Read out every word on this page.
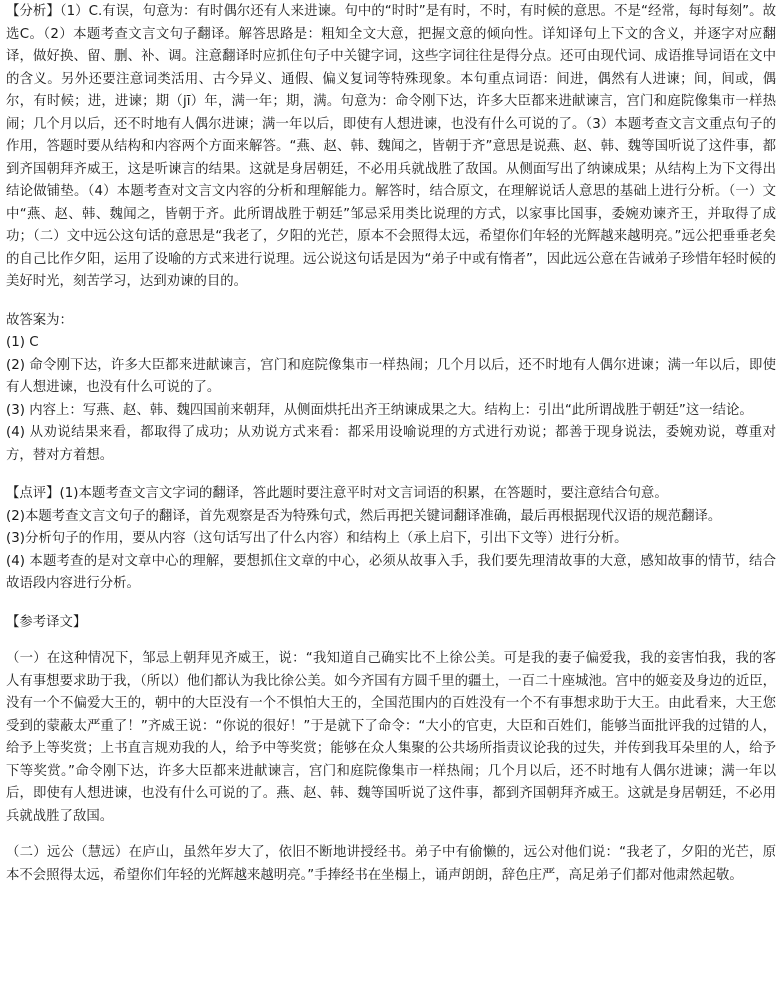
【分析】（1）C.有误，句意为：有时偶尔还有人来进谏。句中的“时时”是有时，不时，有时候的意思。不是“经常，每时每刻”。故选C。（2）本题考查文言文句子翻译。解答思路是：粗知全文大意，把握文意的倾向性。详知译句上下文的含义，并逐字对应翻译，做好换、留、删、补、调。注意翻译时应抓住句子中关键字词，这些字词往往是得分点。还可由现代词、成语推导词语在文中的含义。另外还要注意词类活用、古今异义、通假、偏义复词等特殊现象。本句重点词语：间进，偶然有人进谏；间，间或，偶尔，有时候；进，进谏；期（jī）年，满一年；期，满。句意为：命令刚下达，许多大臣都来进献谏言，宫门和庭院像集市一样热闹；几个月以后，还不时地有人偶尔进谏；满一年以后，即使有人想进谏，也没有什么可说的了。（3）本题考查文言文重点句子的作用，答题时要从结构和内容两个方面来解答。“燕、赵、韩、魏闻之，皆朝于齐”意思是说燕、赵、韩、魏等国听说了这件事，都到齐国朝拜齐威王，这是听谏言的结果。这就是身居朝廷，不必用兵就战胜了敌国。从侧面写出了纳谏成果；从结构上为下文得出结论做铺垫。（4）本题考查对文言文内容的分析和理解能力。解答时，结合原文，在理解说话人意思的基础上进行分析。（一）文中“燕、赵、韩、魏闻之，皆朝于齐。此所谓战胜于朝廷”邹忌采用类比说理的方式，以家事比国事，委婉劝谏齐王，并取得了成功；（二）文中远公这句话的意思是“我老了，夕阳的光芒，原本不会照得太远，希望你们年轻的光辉越来越明亮。”远公把垂垂老矣的自己比作夕阳，运用了设喻的方式来进行说理。远公说这句话是因为“弟子中或有惰者”，因此远公意在告诫弟子珍惜年轻时候的美好时光，刻苦学习，达到劝谏的目的。

故答案为：

(1) C

(2) 命令刚下达，许多大臣都来进献谏言，宫门和庭院像集市一样热闹；几个月以后，还不时地有人偶尔进谏；满一年以后，即使有人想进谏，也没有什么可说的了。

(3) 内容上：写燕、赵、韩、魏四国前来朝拜，从侧面烘托出齐王纳谏成果之大。结构上：引出“此所谓战胜于朝廷”这一结论。

(4) 从劝说结果来看，都取得了成功；从劝说方式来看：都采用设喻说理的方式进行劝说；都善于现身说法，委婉劝说，尊重对方，替对方着想。

【点评】(1)本题考查文言文字词的翻译，答此题时要注意平时对文言词语的积累，在答题时，要注意结合句意。

(2)本题考查文言文句子的翻译，首先观察是否为特殊句式，然后再把关键词翻译准确，最后再根据现代汉语的规范翻译。

(3)分析句子的作用，要从内容（这句话写出了什么内容）和结构上（承上启下，引出下文等）进行分析。

(4) 本题考查的是对文章中心的理解，要想抓住文章的中心，必须从故事入手，我们要先理清故事的大意，感知故事的情节，结合故语段内容进行分析。

【参考译文】

（一）在这种情况下，邹忌上朝拜见齐威王，说：“我知道自己确实比不上徐公美。可是我的妻子偏爱我，我的妾害怕我，我的客人有事想要求助于我，（所以）他们都认为我比徐公美。如今齐国有方圆千里的疆土，一百二十座城池。宫中的姬妾及身边的近臣，没有一个不偏爱大王的，朝中的大臣没有一个不惧怕大王的，全国范围内的百姓没有一个不有事想求助于大王。由此看来，大王您受到的蒙蔽太严重了！”齐威王说：“你说的很好！”于是就下了命令：“大小的官吏，大臣和百姓们，能够当面批评我的过错的人，给予上等奖赏；上书直言规劝我的人，给予中等奖赏；能够在众人集聚的公共场所指责议论我的过失，并传到我耳朵里的人，给予下等奖赏。”命令刚下达，许多大臣都来进献谏言，宫门和庭院像集市一样热闹；几个月以后，还不时地有人偶尔进谏；满一年以后，即使有人想进谏，也没有什么可说的了。燕、赵、韩、魏等国听说了这件事，都到齐国朝拜齐威王。这就是身居朝廷，不必用兵就战胜了敌国。

（二）远公（慧远）在庐山，虽然年岁大了，依旧不断地讲授经书。弟子中有偷懒的，远公对他们说：“我老了，夕阳的光芒，原本不会照得太远，希望你们年轻的光辉越来越明亮。”手捧经书在坐榻上，诵声朗朗，辞色庄严，高足弟子们都对他肃然起敬。
